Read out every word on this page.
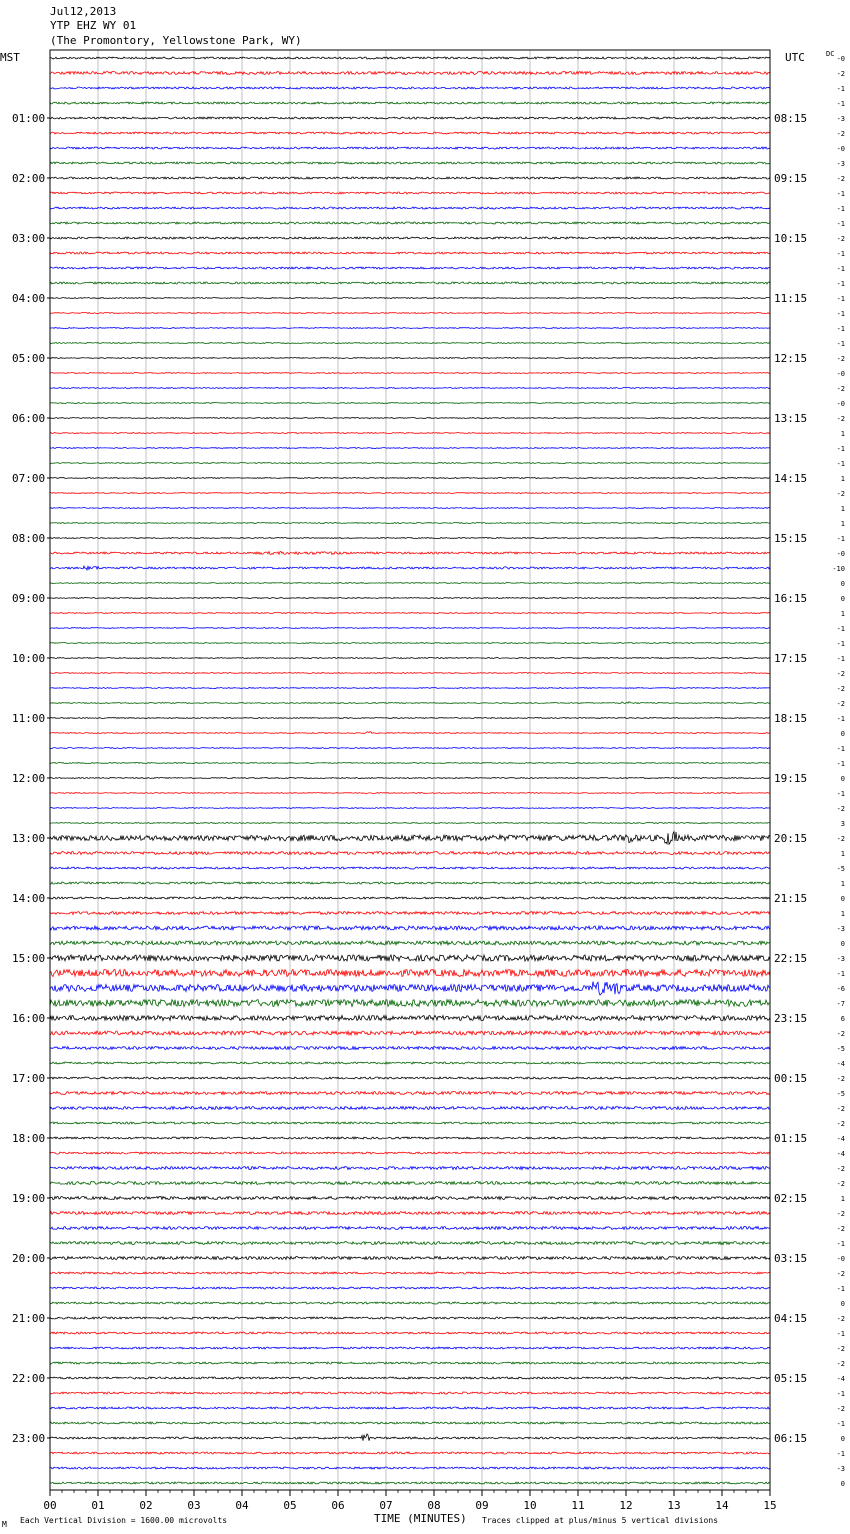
Jul12,2013
YTP EHZ WY 01
(The Promontory, Yellowstone Park, WY)
01:00
02:00
03:00
04:00
05:00
06:00
07:00
08:00
09:00
10:00
11:00
12:00
13:00
14:00
15:00
16:00
17:00
18:00
19:00
20:00
21:00
22:00
23:00
08:15
09:15
10:15
11:15
12:15
13:15
14:15
15:15
16:15
17:15
18:15
19:15
20:15
21:15
22:15
23:15
00:15
01:15
02:15
03:15
04:15
05:15
06:15
-0
-2
-1
-1
-3
-2
-0
-3
-2
-1
-1
-1
-2
-1
-1
-1
-1
-1
-1
-1
-2
-0
-2
-0
-2
1
-1
-1
1
-2
1
1
-1
-0
-10
0
0
1
-1
-1
-1
-2
-2
-2
-1
0
-1
-1
0
-1
-2
3
-2
1
-5
1
0
1
-3
0
-3
-1
-6
-7
6
-2
-5
-4
-2
-5
-2
-2
-4
-4
-2
-2
1
-2
-2
-1
-0
-2
-1
0
-2
-1
-2
-2
-4
-1
-2
-1
0
-1
-3
0
00	01	02	03	04	05	06	07	08	09	10	11	12	13	14	15
MST	UTC	DC
TIME (MINUTES)
Each Vertical Division = 1600.00 microvolts	Traces clipped at plus/minus 5 vertical divisions
M
